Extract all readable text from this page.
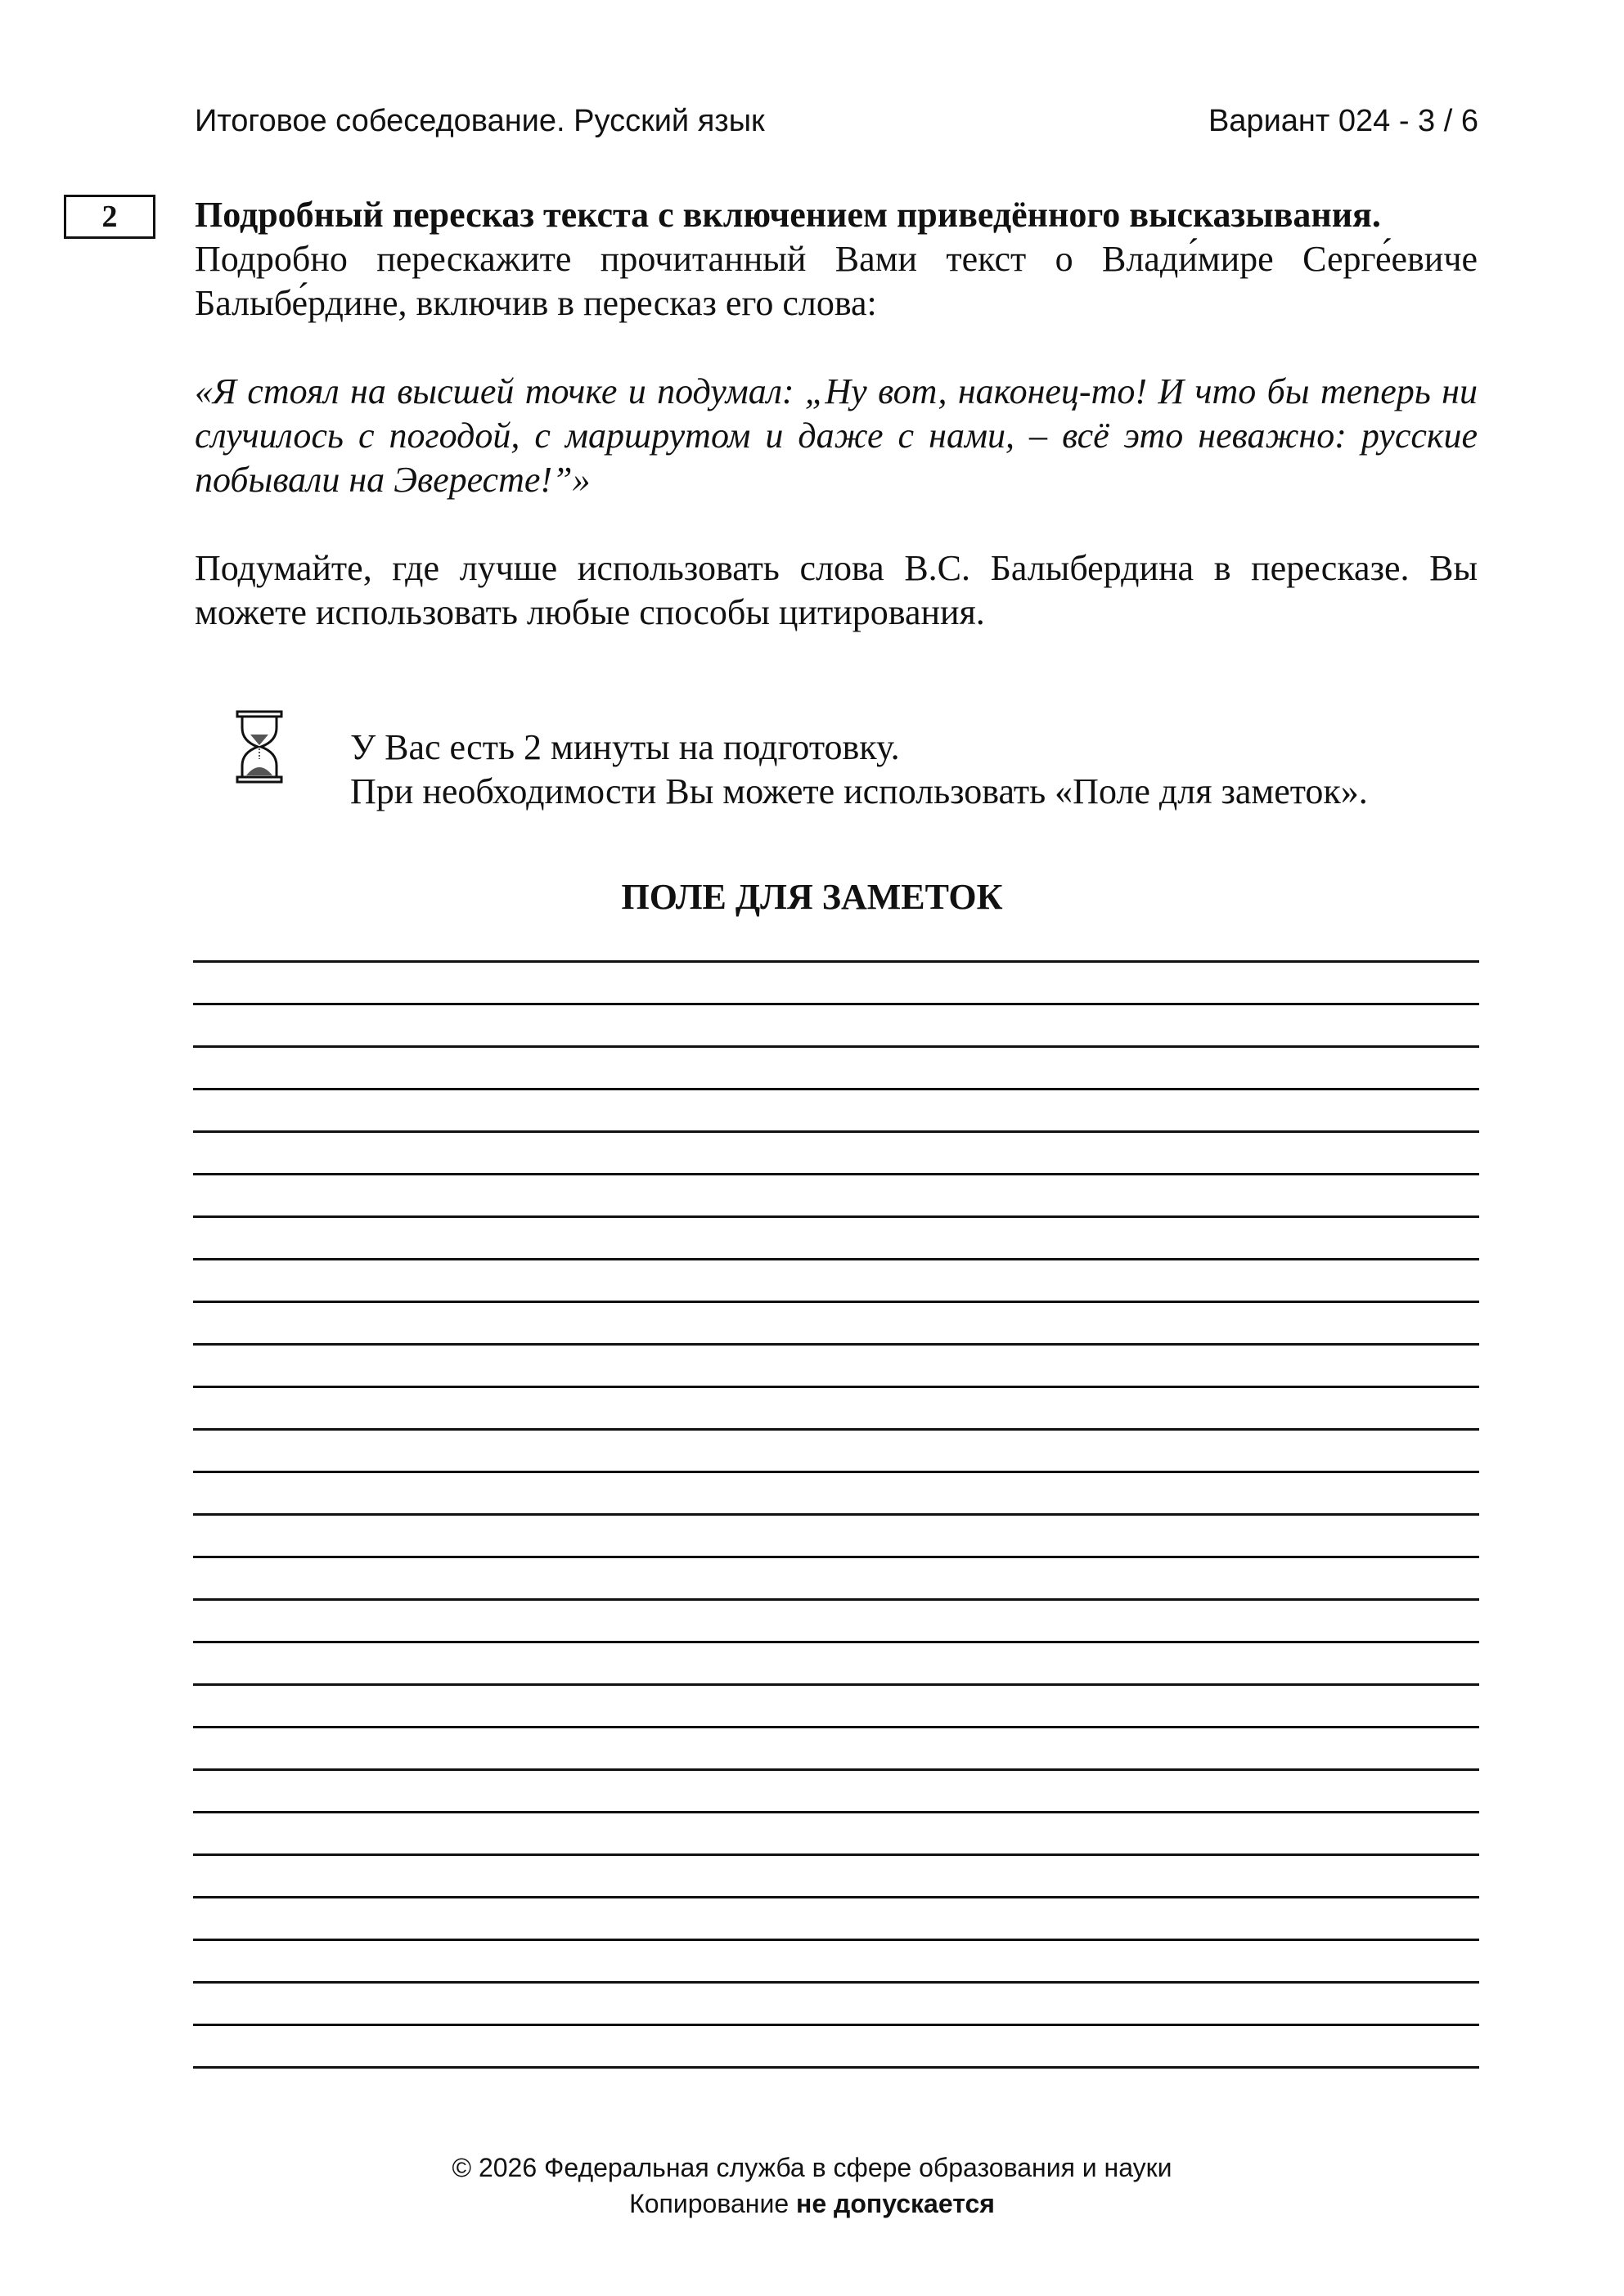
Итоговое собеседование. Русский язык	Вариант 024 - 3 / 6
2	Подробный пересказ текста с включением приведённого высказывания.

Подробно перескажите прочитанный Вами текст о Влади́мире Серге́евиче Балыбе́рдине, включив в пересказ его слова:

«Я стоял на высшей точке и подумал: „Ну вот, наконец-то! И что бы теперь ни случилось с погодой, с маршрутом и даже с нами, – всё это неважно: русские побывали на Эвересте!”»

Подумайте, где лучше использовать слова В.С. Балыбердина в пересказе. Вы можете использовать любые способы цитирования.

У Вас есть 2 минуты на подготовку.
При необходимости Вы можете использовать «Поле для заметок».
ПОЛЕ ДЛЯ ЗАМЕТОК
© 2026 Федеральная служба в сфере образования и науки
Копирование не допускается
